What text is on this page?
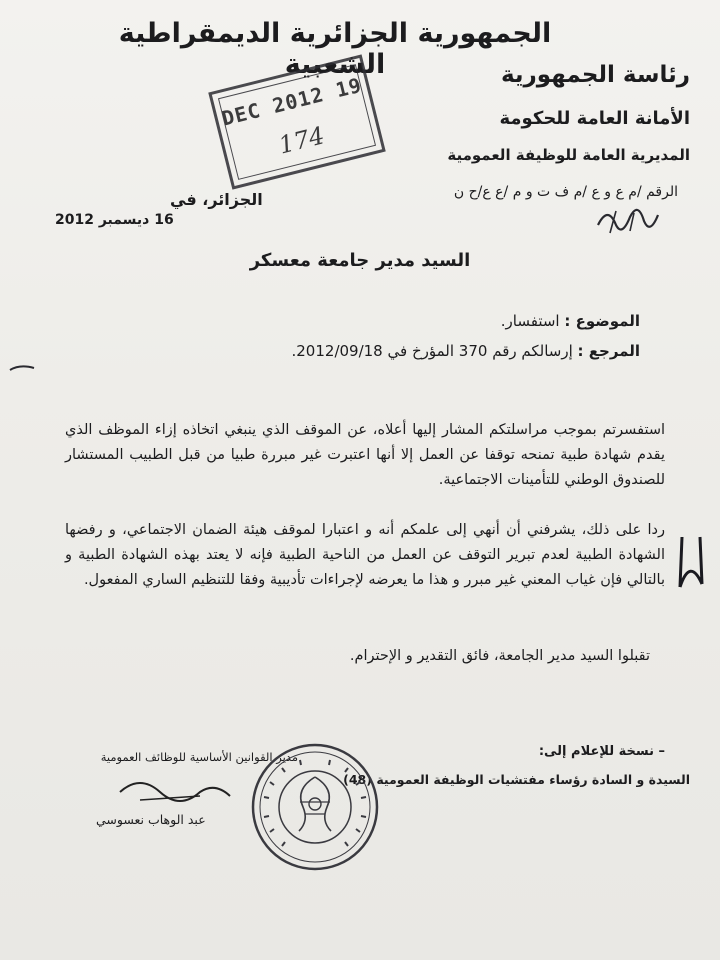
الجمهورية الجزائرية الديمقراطية الشعبية	رئاسة الجمهورية
الأمانة العامة للحكومة
المديرية العامة للوظيفة العمومية
الرقم /م ع و ع /م ف ت و م /ع ع/ح ن
19 DEC 2012
174
الجزائر، في
16 ديسمبر 2012
السيد مدير جامعة معسكر
الموضوع : استفسار.
المرجع : إرسالكم رقم 370 المؤرخ في 2012/09/18.
استفسرتم بموجب مراسلتكم المشار إليها أعلاه، عن الموقف الذي ينبغي اتخاذه إزاء الموظف الذي يقدم شهادة طبية تمنحه توقفا عن العمل إلا أنها اعتبرت غير مبررة طبيا من قبل الطبيب المستشار للصندوق الوطني للتأمينات الاجتماعية.
ردا على ذلك، يشرفني أن أنهي إلى علمكم أنه و اعتبارا لموقف هيئة الضمان الاجتماعي، و رفضها الشهادة الطبية لعدم تبرير التوقف عن العمل من الناحية الطبية فإنه لا يعتد بهذه الشهادة الطبية و بالتالي فإن غياب المعني غير مبرر و هذا ما يعرضه لإجراءات تأديبية وفقا للتنظيم الساري المفعول.
تقبلوا السيد مدير الجامعة، فائق التقدير و الإحترام.
– نسخة للإعلام إلى:
السيدة و السادة رؤساء مفتشيات الوظيفة العمومية (48)
مدير القوانين الأساسية للوظائف العمومية
عبد الوهاب نعسوسي
